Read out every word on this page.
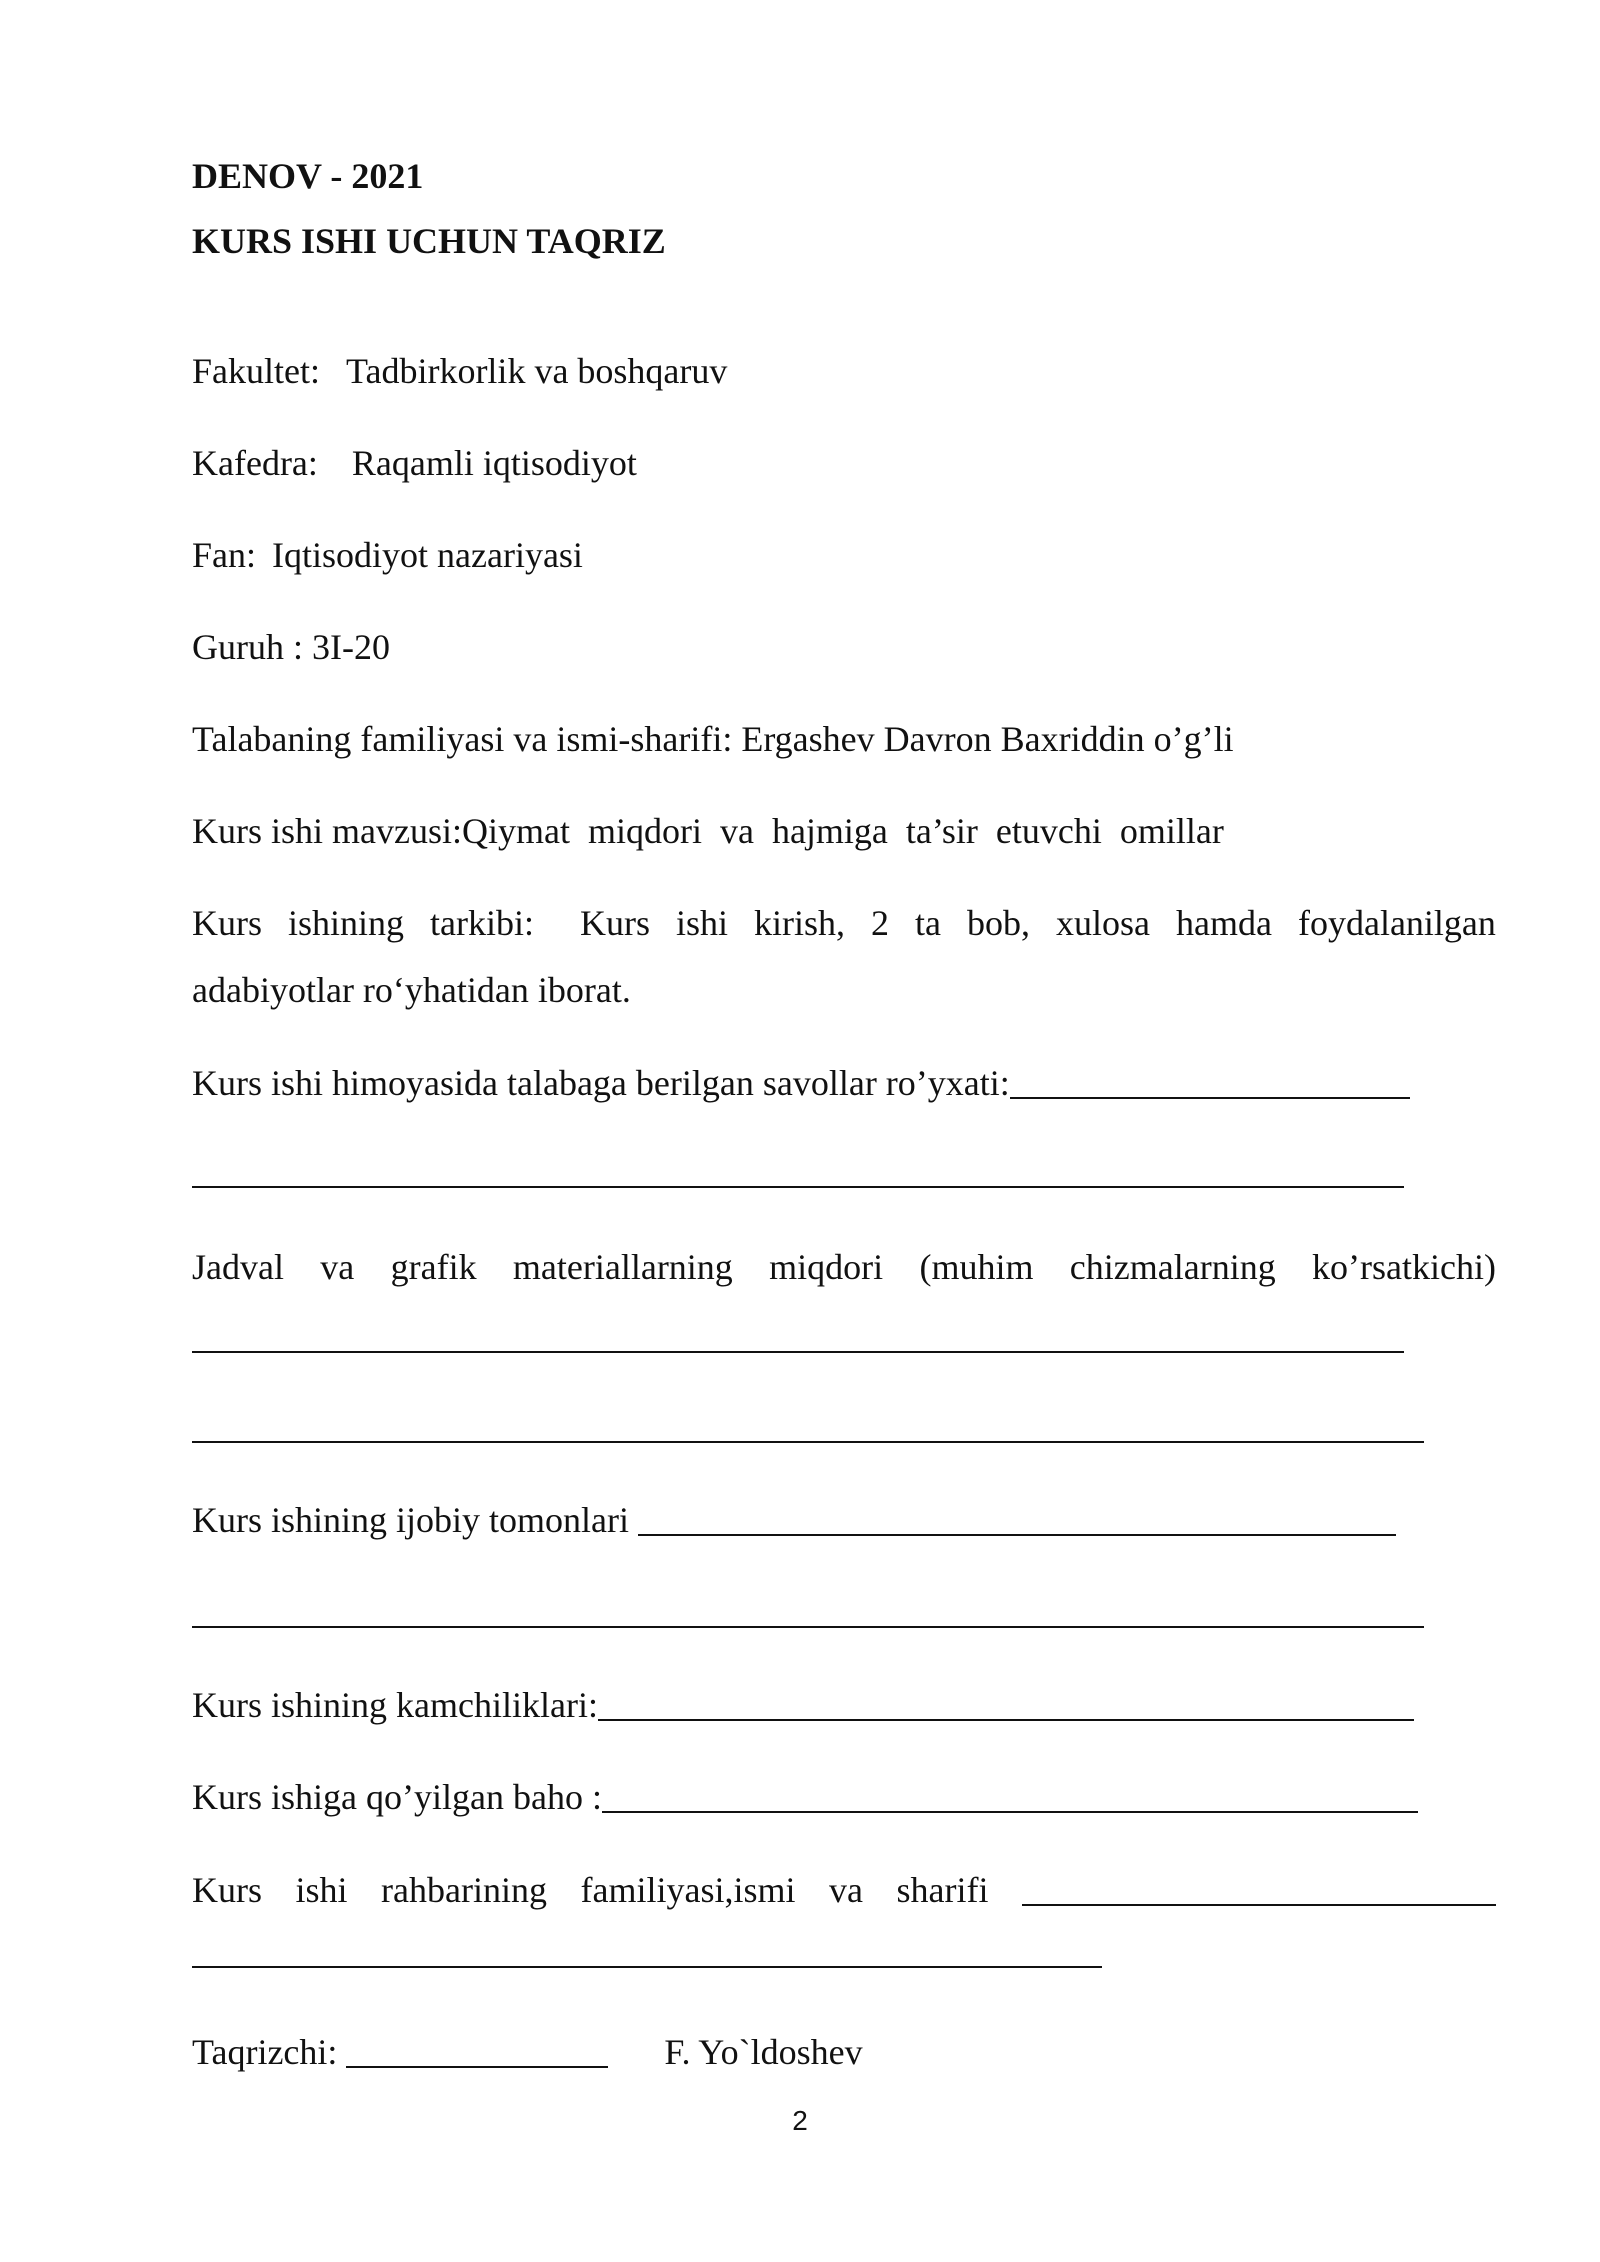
DENOV - 2021

KURS ISHI UCHUN TAQRIZ

Fakultet: Tadbirkorlik va boshqaruv

Kafedra: Raqamli iqtisodiyot

Fan: Iqtisodiyot nazariyasi

Guruh : 3I-20

Talabaning familiyasi va ismi-sharifi: Ergashev Davron Baxriddin o’g’li

Kurs ishi mavzusi:Qiymat  miqdori  va  hajmiga  ta’sir  etuvchi  omillar

Kurs ishining tarkibi: Kurs ishi kirish, 2 ta bob, xulosa hamda foydalanilgan

adabiyotlar ro‘yhatidan iborat.

Kurs ishi himoyasida talabaga berilgan savollar ro’yxati:

Jadval va grafik materiallarning miqdori (muhim chizmalarning ko’rsatkichi)

Kurs ishining ijobiy tomonlari

Kurs ishining kamchiliklari:

Kurs ishiga qo’yilgan baho :

Kurs ishi rahbarining familiyasi,ismi va sharifi

Taqrizchi:	F. Yo`ldoshev

2
